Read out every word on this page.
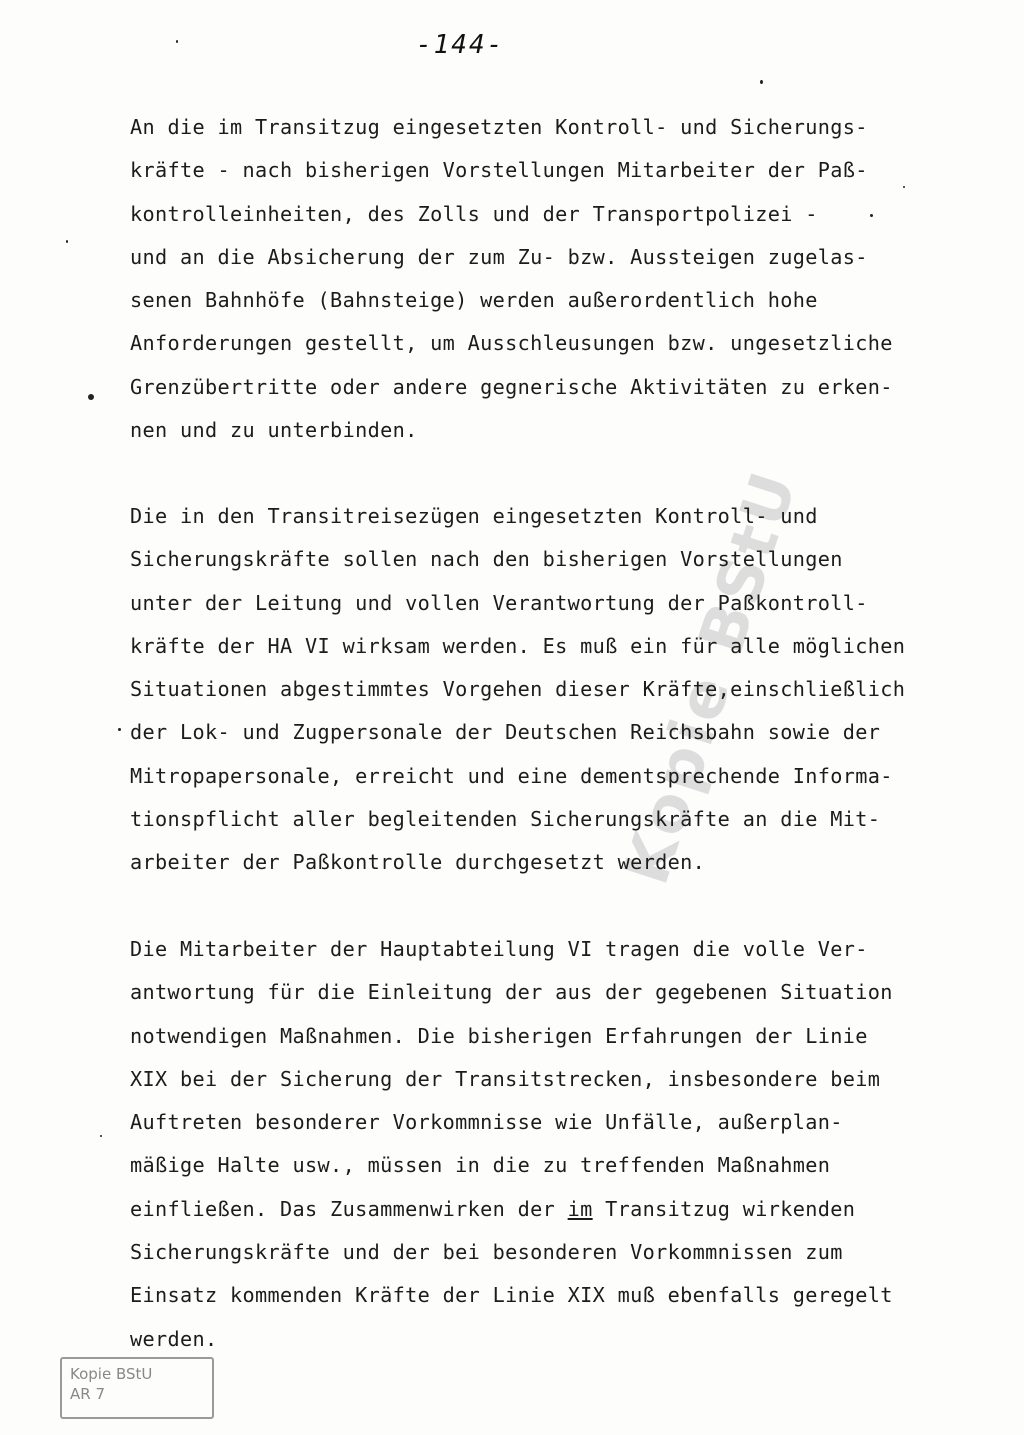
-144-
Kopie BStU
An die im Transitzug eingesetzten Kontroll- und Sicherungs-
kräfte - nach bisherigen Vorstellungen Mitarbeiter der Paß-
kontrolleinheiten, des Zolls und der Transportpolizei -
und an die Absicherung der zum Zu- bzw. Aussteigen zugelas-
senen Bahnhöfe (Bahnsteige) werden außerordentlich hohe
Anforderungen gestellt, um Ausschleusungen bzw. ungesetzliche
Grenzübertritte oder andere gegnerische Aktivitäten zu erken-
nen und zu unterbinden.
Die in den Transitreisezügen eingesetzten Kontroll- und
Sicherungskräfte sollen nach den bisherigen Vorstellungen
unter der Leitung und vollen Verantwortung der Paßkontroll-
kräfte der HA VI wirksam werden. Es muß ein für alle möglichen
Situationen abgestimmtes Vorgehen dieser Kräfte,einschließlich
der Lok- und Zugpersonale der Deutschen Reichsbahn sowie der
Mitropapersonale, erreicht und eine dementsprechende Informa-
tionspflicht aller begleitenden Sicherungskräfte an die Mit-
arbeiter der Paßkontrolle durchgesetzt werden.
Die Mitarbeiter der Hauptabteilung VI tragen die volle Ver-
antwortung für die Einleitung der aus der gegebenen Situation
notwendigen Maßnahmen. Die bisherigen Erfahrungen der Linie
XIX bei der Sicherung der Transitstrecken, insbesondere beim
Auftreten besonderer Vorkommnisse wie Unfälle, außerplan-
mäßige Halte usw., müssen in die zu treffenden Maßnahmen
einfließen. Das Zusammenwirken der im Transitzug wirkenden
Sicherungskräfte und der bei besonderen Vorkommnissen zum
Einsatz kommenden Kräfte der Linie XIX muß ebenfalls geregelt
werden.
Kopie BStU
AR 7
